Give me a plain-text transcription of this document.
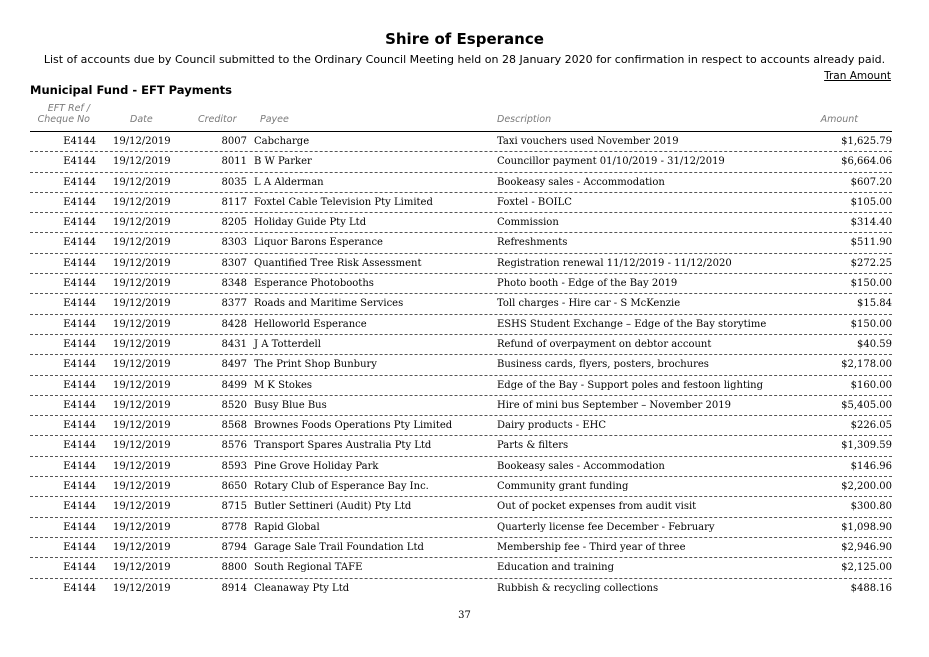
Shire of Esperance
List of accounts due by Council submitted to the Ordinary Council Meeting held on 28 January 2020 for confirmation in respect to accounts already paid.
Tran Amount
Municipal Fund - EFT Payments
EFT Ref /
Cheque No	Date	Creditor Payee	Description	Amount
E4144 19/12/2019	8007 Cabcharge	Taxi vouchers used November 2019	$1,625.79
E4144 19/12/2019	8011 B W Parker	Councillor payment 01/10/2019 - 31/12/2019	$6,664.06
E4144 19/12/2019	8035 L A Alderman	Bookeasy sales - Accommodation	$607.20
E4144 19/12/2019	8117 Foxtel Cable Television Pty Limited	Foxtel - BOILC	$105.00
E4144 19/12/2019	8205 Holiday Guide Pty Ltd	Commission	$314.40
E4144 19/12/2019	8303 Liquor Barons Esperance	Refreshments	$511.90
E4144 19/12/2019	8307 Quantified Tree Risk Assessment	Registration renewal 11/12/2019 - 11/12/2020	$272.25
E4144 19/12/2019	8348 Esperance Photobooths	Photo booth - Edge of the Bay 2019	$150.00
E4144 19/12/2019	8377 Roads and Maritime Services	Toll charges - Hire car - S McKenzie	$15.84
E4144 19/12/2019	8428 Helloworld Esperance	ESHS Student Exchange – Edge of the Bay storytime	$150.00
E4144 19/12/2019	8431 J A Totterdell	Refund of overpayment on debtor account	$40.59
E4144 19/12/2019	8497 The Print Shop Bunbury	Business cards, flyers, posters, brochures	$2,178.00
E4144 19/12/2019	8499 M K Stokes	Edge of the Bay - Support poles and festoon lighting	$160.00
E4144 19/12/2019	8520 Busy Blue Bus	Hire of mini bus September – November 2019	$5,405.00
E4144 19/12/2019	8568 Brownes Foods Operations Pty Limited	Dairy products - EHC	$226.05
E4144 19/12/2019	8576 Transport Spares Australia Pty Ltd	Parts & filters	$1,309.59
E4144 19/12/2019	8593 Pine Grove Holiday Park	Bookeasy sales - Accommodation	$146.96
E4144 19/12/2019	8650 Rotary Club of Esperance Bay Inc.	Community grant funding	$2,200.00
E4144 19/12/2019	8715 Butler Settineri (Audit) Pty Ltd	Out of pocket expenses from audit visit	$300.80
E4144 19/12/2019	8778 Rapid Global	Quarterly license fee December - February	$1,098.90
E4144 19/12/2019	8794 Garage Sale Trail Foundation Ltd	Membership fee - Third year of three	$2,946.90
E4144 19/12/2019	8800 South Regional TAFE	Education and training	$2,125.00
E4144 19/12/2019	8914 Cleanaway Pty Ltd	Rubbish & recycling collections	$488.16
37
